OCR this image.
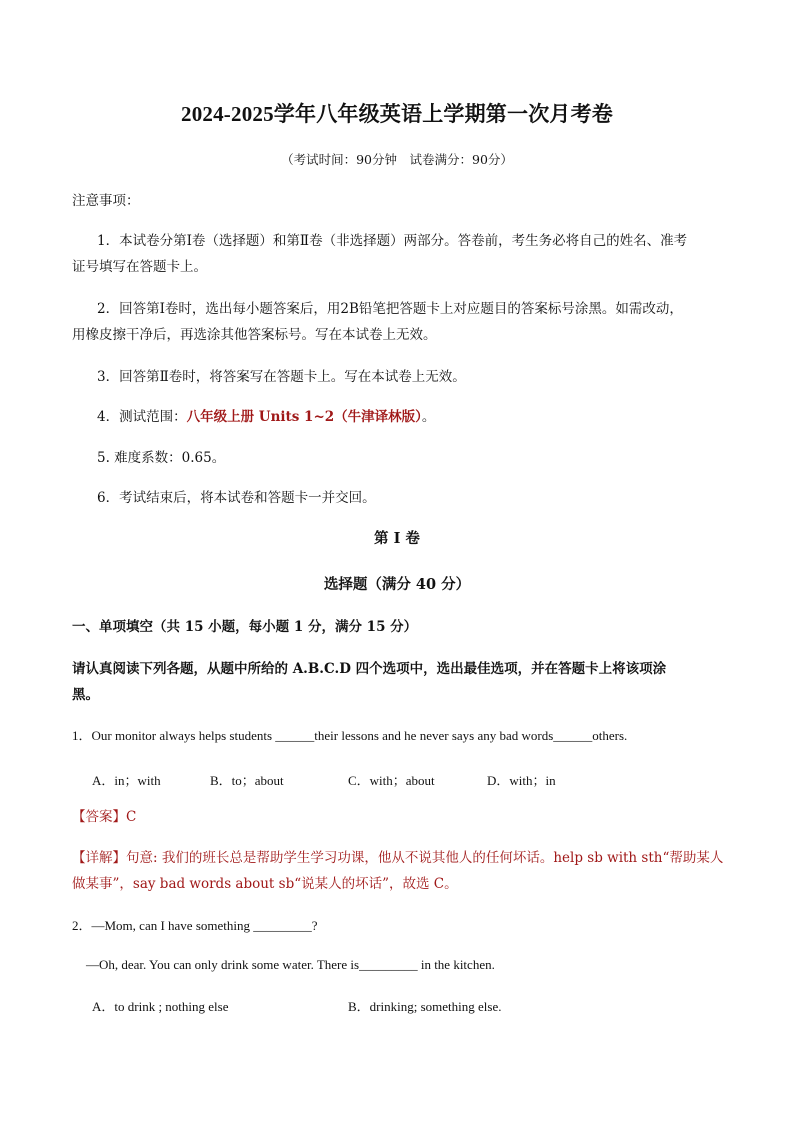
2024-2025学年八年级英语上学期第一次月考卷
（考试时间：90分钟　试卷满分：90分）
注意事项：
1．本试卷分第Ⅰ卷（选择题）和第Ⅱ卷（非选择题）两部分。答卷前，考生务必将自己的姓名、准考
证号填写在答题卡上。
2．回答第Ⅰ卷时，选出每小题答案后，用2B铅笔把答题卡上对应题目的答案标号涂黑。如需改动，
用橡皮擦干净后，再选涂其他答案标号。写在本试卷上无效。
3．回答第Ⅱ卷时，将答案写在答题卡上。写在本试卷上无效。
4．测试范围：八年级上册 Units 1~2（牛津译林版）。
5. 难度系数：0.65。
6．考试结束后，将本试卷和答题卡一并交回。
第 I 卷
选择题（满分 40 分）
一、单项填空（共 15 小题，每小题 1 分，满分 15 分）
请认真阅读下列各题，从题中所给的 A.B.C.D 四个选项中，选出最佳选项，并在答题卡上将该项涂
黑。
1．Our monitor always helps students ______their lessons and he never says any bad words______others.
A．in；with	B．to；about	C．with；about	D．with；in
【答案】C
【详解】句意: 我们的班长总是帮助学生学习功课，他从不说其他人的任何坏话。help sb with sth“帮助某人
做某事”，say bad words about sb“说某人的坏话”，故选 C。
2．—Mom, can I have something _________?
—Oh, dear. You can only drink some water. There is_________ in the kitchen.
A．to drink ; nothing else	B．drinking; something else.
